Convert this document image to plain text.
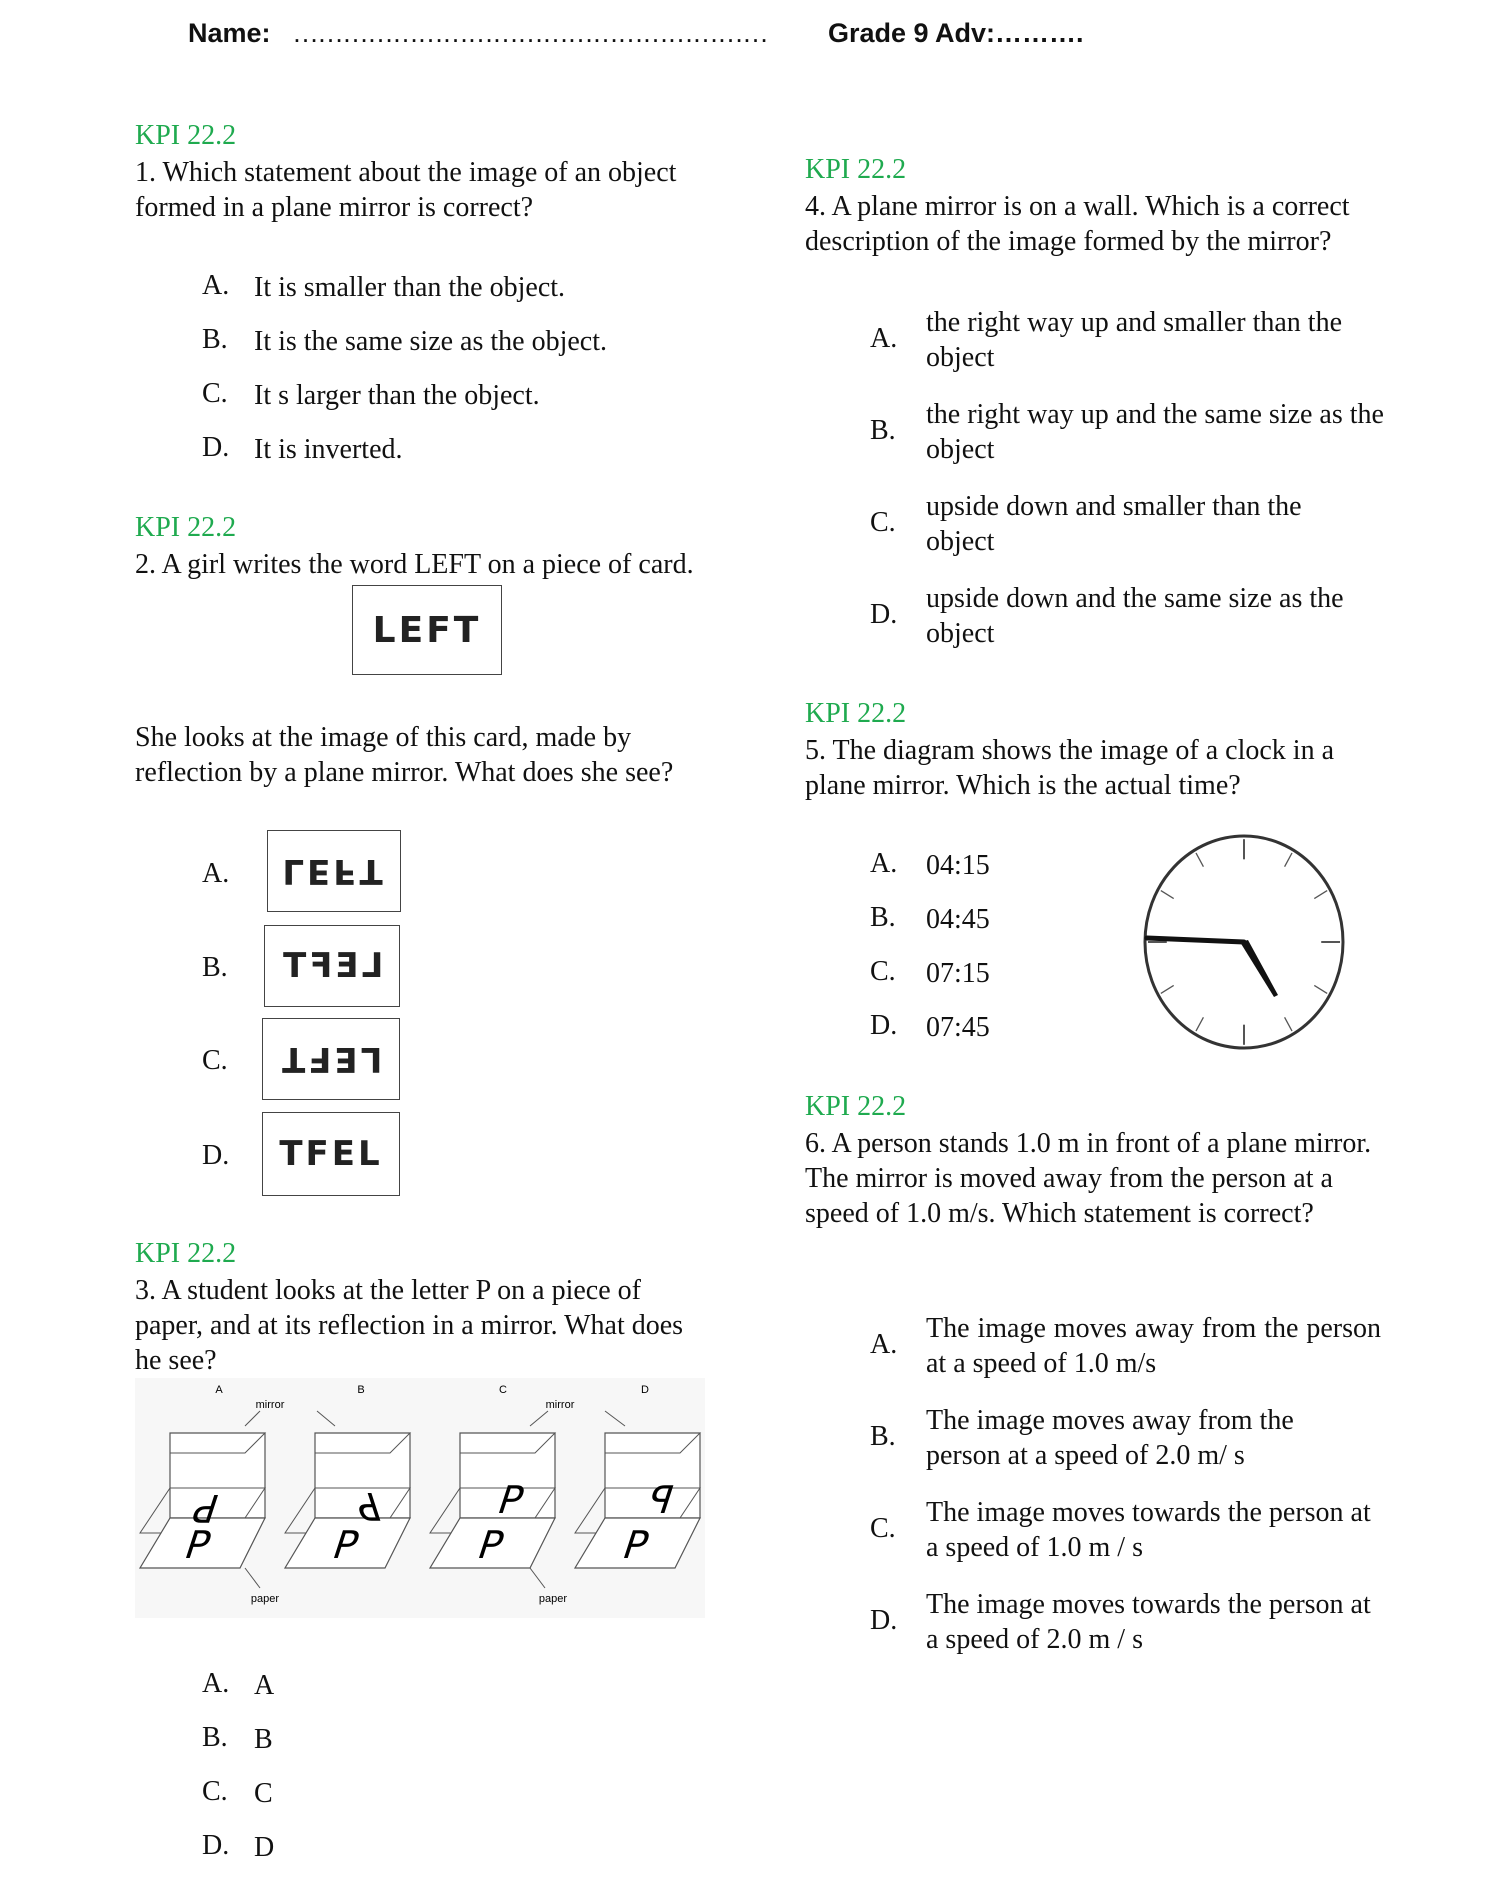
Name: ………………………………………………… Grade 9 Adv:……….
KPI 22.2
1. Which statement about the image of an object formed in a plane mirror is correct?
A. It is smaller than the object.
B. It is the same size as the object.
C. It s larger than the object.
D. It is inverted.
KPI 22.2
2. A girl writes the word LEFT on a piece of card.
LEFT
She looks at the image of this card, made by reflection by a plane mirror. What does she see?
A. LEFT
B. LEFT
C. LEFT
D.	TFEL
KPI 22.2
3. A student looks at the letter P on a piece of paper, and at its reflection in a mirror. What does he see?
A	B	C	D
mirror	mirror
P
P
P
P
P
P
P
P
paper	paper
A. A
B. B
C. C
D. D
KPI 22.2
4. A plane mirror is on a wall. Which is a correct description of the image formed by the mirror?
A.
the right way up and smaller than the object
B.
the right way up and the same size as the object
C.
upside down and smaller than the object
D.
upside down and the same size as the object
KPI 22.2
5. The diagram shows the image of a clock in a plane mirror. Which is the actual time?
A. 04:15
B. 04:45
C. 07:15
D. 07:45
KPI 22.2
6. A person stands 1.0 m in front of a plane mirror. The mirror is moved away from the person at a speed of 1.0 m/s. Which statement is correct?
A.
The image moves away from the person at a speed of 1.0 m/s
B.
The image moves away from the person at a speed of 2.0 m/ s
C.
The image moves towards the person at a speed of 1.0 m / s
D.
The image moves towards the person at a speed of 2.0 m / s
